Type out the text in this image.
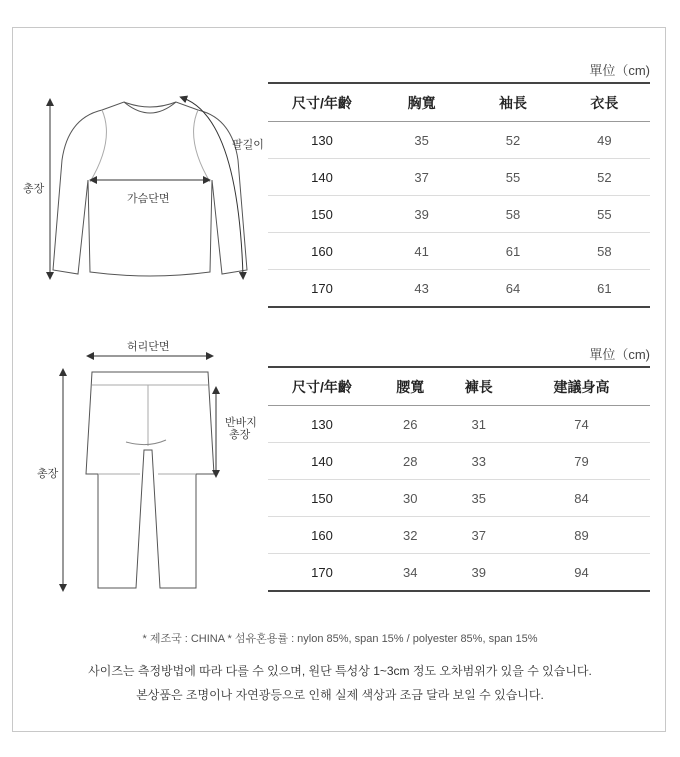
총장
가슴단면
팔길이
허리단면
총장
반바지
총장
單位（cm)
尺寸/年齡	胸寬	袖長	衣長
130	35	52	49
140	37	55	52
150	39	58	55
160	41	61	58
170	43	64	61
單位（cm)
尺寸/年齡	腰寬	褲長	建議身高
130	26	31	74
140	28	33	79
150	30	35	84
160	32	37	89
170	34	39	94
* 제조국 : CHINA * 섬유혼용률 : nylon 85%, span 15% / polyester 85%, span 15%
사이즈는 측정방법에 따라 다를 수 있으며, 원단 특성상 1~3cm 정도 오차범위가 있을 수 있습니다.
본상품은 조명이나 자연광등으로 인해 실제 색상과 조금 달라 보일 수 있습니다.
